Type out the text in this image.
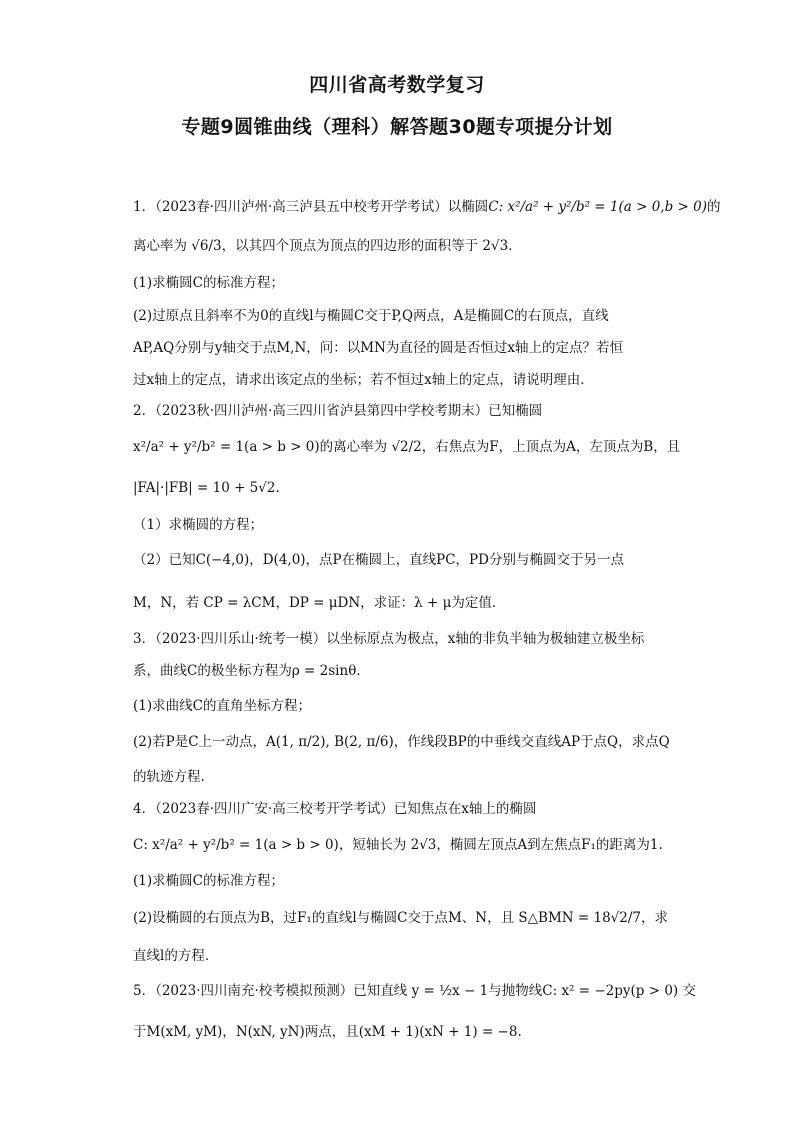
四川省高考数学复习
专题9圆锥曲线（理科）解答题30题专项提分计划
1．（2023春·四川泸州·高三泸县五中校考开学考试）以椭圆C: x²/a² + y²/b² = 1(a > 0,b > 0)的
离心率为 √6/3，以其四个顶点为顶点的四边形的面积等于 2√3．
(1)求椭圆C的标准方程；
(2)过原点且斜率不为0的直线l与椭圆C交于P,Q两点，A是椭圆C的右顶点，直线
AP,AQ分别与y轴交于点M,N，问：以MN为直径的圆是否恒过x轴上的定点？若恒
过x轴上的定点，请求出该定点的坐标；若不恒过x轴上的定点，请说明理由．
2．（2023秋·四川泸州·高三四川省泸县第四中学校考期末）已知椭圆
x²/a² + y²/b² = 1(a > b > 0)的离心率为 √2/2，右焦点为F，上顶点为A，左顶点为B，且
|FA|·|FB| = 10 + 5√2．
（1）求椭圆的方程；
（2）已知C(−4,0)，D(4,0)，点P在椭圆上，直线PC，PD分别与椭圆交于另一点
M，N，若 CP = λCM，DP = μDN，求证：λ + μ为定值.
3．（2023·四川乐山·统考一模）以坐标原点为极点，x轴的非负半轴为极轴建立极坐标
系，曲线C的极坐标方程为ρ = 2sinθ．
(1)求曲线C的直角坐标方程；
(2)若P是C上一动点，A(1, π/2), B(2, π/6)，作线段BP的中垂线交直线AP于点Q，求点Q
的轨迹方程.
4．（2023春·四川广安·高三校考开学考试）已知焦点在x轴上的椭圆
C: x²/a² + y²/b² = 1(a > b > 0)，短轴长为 2√3，椭圆左顶点A到左焦点F₁的距离为1.
(1)求椭圆C的标准方程；
(2)设椭圆的右顶点为B，过F₁的直线l与椭圆C交于点M、N，且 S△BMN = 18√2/7，求
直线l的方程．
5．（2023·四川南充·校考模拟预测）已知直线 y = ½x − 1与抛物线C: x² = −2py(p > 0) 交
于M(xM, yM)，N(xN, yN)两点，且(xM + 1)(xN + 1) = −8.
